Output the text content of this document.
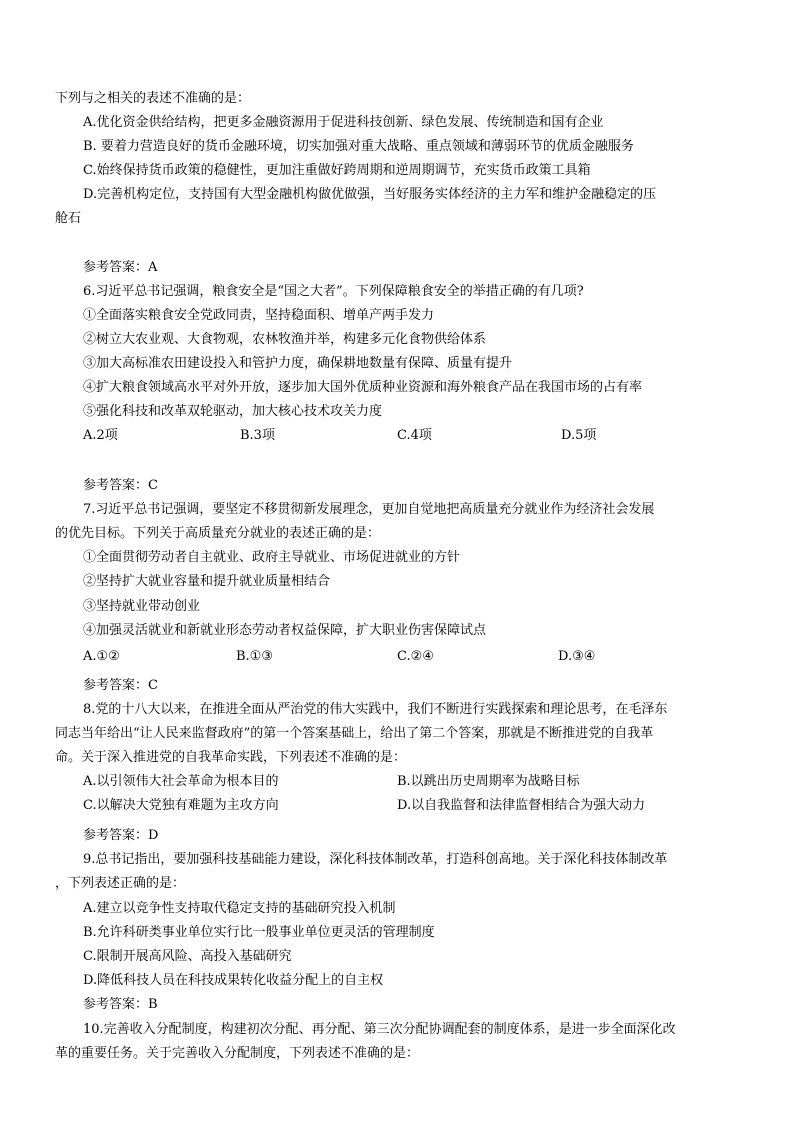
下列与之相关的表述不准确的是：
A.优化资金供给结构，把更多金融资源用于促进科技创新、绿色发展、传统制造和国有企业
B. 要着力营造良好的货币金融环境，切实加强对重大战略、重点领域和薄弱环节的优质金融服务
C.始终保持货币政策的稳健性，更加注重做好跨周期和逆周期调节，充实货币政策工具箱
D.完善机构定位，支持国有大型金融机构做优做强，当好服务实体经济的主力军和维护金融稳定的压
舱石
参考答案：A
6.习近平总书记强调，粮食安全是“国之大者”。下列保障粮食安全的举措正确的有几项?
①全面落实粮食安全党政同责，坚持稳面积、增单产两手发力
②树立大农业观、大食物观，农林牧渔并举，构建多元化食物供给体系
③加大高标准农田建设投入和管护力度，确保耕地数量有保障、质量有提升
④扩大粮食领域高水平对外开放，逐步加大国外优质种业资源和海外粮食产品在我国市场的占有率
⑤强化科技和改革双轮驱动，加大核心技术攻关力度
A.2项	B.3项	C.4项	D.5项
参考答案：C
7.习近平总书记强调，要坚定不移贯彻新发展理念，更加自觉地把高质量充分就业作为经济社会发展
的优先目标。下列关于高质量充分就业的表述正确的是：
①全面贯彻劳动者自主就业、政府主导就业、市场促进就业的方针
②坚持扩大就业容量和提升就业质量相结合
③坚持就业带动创业
④加强灵活就业和新就业形态劳动者权益保障，扩大职业伤害保障试点
A.①②	B.①③	C.②④	D.③④
参考答案：C
8.党的十八大以来，在推进全面从严治党的伟大实践中，我们不断进行实践探索和理论思考，在毛泽东
同志当年给出“让人民来监督政府”的第一个答案基础上，给出了第二个答案，那就是不断推进党的自我革
命。关于深入推进党的自我革命实践，下列表述不准确的是：
A.以引领伟大社会革命为根本目的	B.以跳出历史周期率为战略目标
C.以解决大党独有难题为主攻方向	D.以自我监督和法律监督相结合为强大动力
参考答案：D
9.总书记指出，要加强科技基础能力建设，深化科技体制改革，打造科创高地。关于深化科技体制改革
，下列表述正确的是：
A.建立以竞争性支持取代稳定支持的基础研究投入机制
B.允许科研类事业单位实行比一般事业单位更灵活的管理制度
C.限制开展高风险、高投入基础研究
D.降低科技人员在科技成果转化收益分配上的自主权
参考答案：B
10.完善收入分配制度，构建初次分配、再分配、第三次分配协调配套的制度体系，是进一步全面深化改
革的重要任务。关于完善收入分配制度，下列表述不准确的是：
